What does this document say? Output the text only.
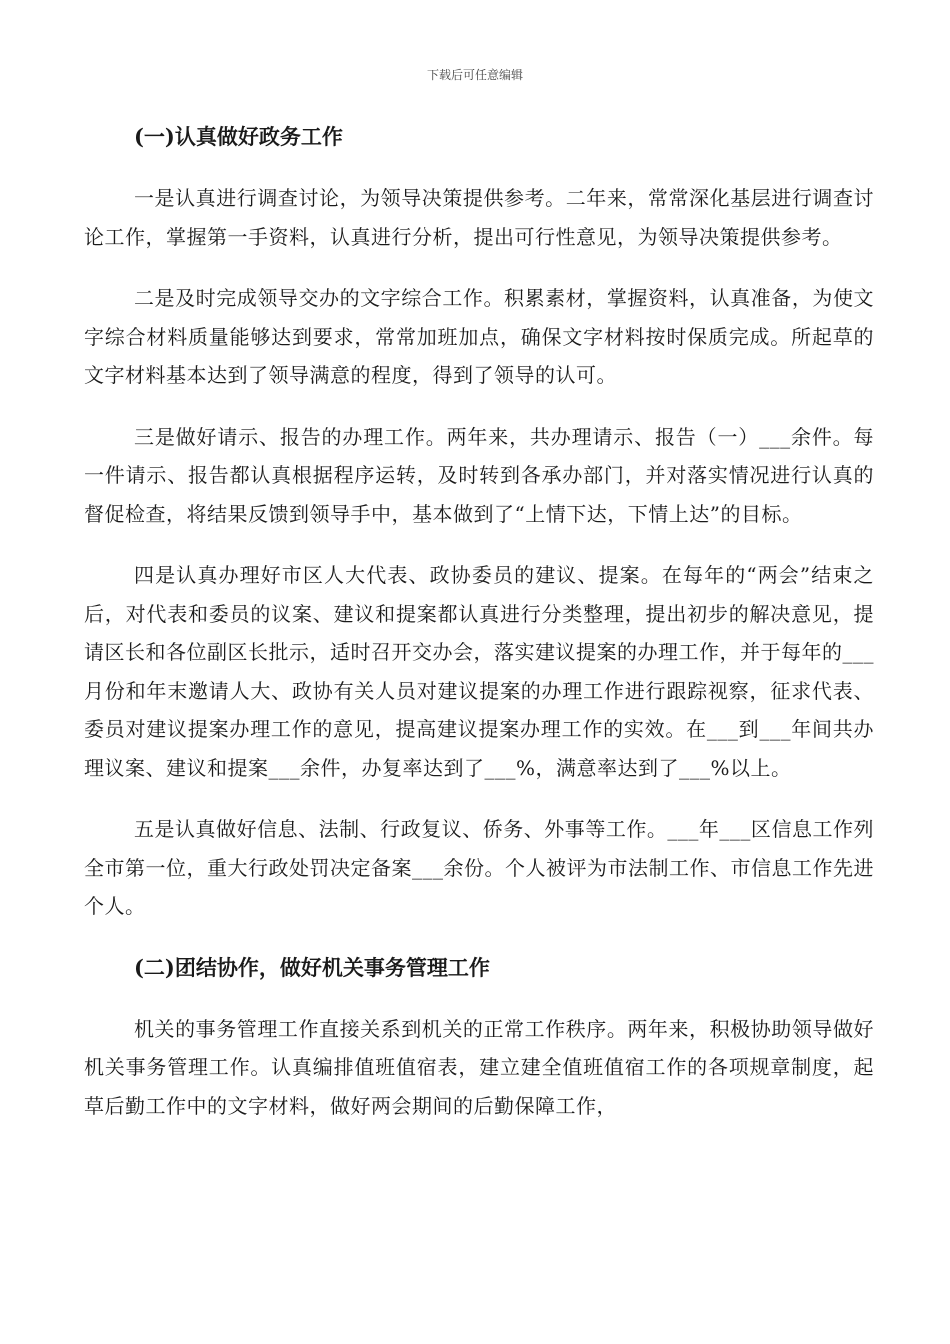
下载后可任意编辑
(一)认真做好政务工作

一是认真进行调查讨论，为领导决策提供参考。二年来，常常深化基层进行调查讨论工作，掌握第一手资料，认真进行分析，提出可行性意见，为领导决策提供参考。

二是及时完成领导交办的文字综合工作。积累素材，掌握资料，认真准备，为使文字综合材料质量能够达到要求，常常加班加点，确保文字材料按时保质完成。所起草的文字材料基本达到了领导满意的程度，得到了领导的认可。

三是做好请示、报告的办理工作。两年来，共办理请示、报告（一）___余件。每一件请示、报告都认真根据程序运转，及时转到各承办部门，并对落实情况进行认真的督促检查，将结果反馈到领导手中，基本做到了“上情下达，下情上达”的目标。

四是认真办理好市区人大代表、政协委员的建议、提案。在每年的“两会”结束之后，对代表和委员的议案、建议和提案都认真进行分类整理，提出初步的解决意见，提请区长和各位副区长批示，适时召开交办会，落实建议提案的办理工作，并于每年的___月份和年末邀请人大、政协有关人员对建议提案的办理工作进行跟踪视察，征求代表、委员对建议提案办理工作的意见，提高建议提案办理工作的实效。在___到___年间共办理议案、建议和提案___余件，办复率达到了___%，满意率达到了___%以上。

五是认真做好信息、法制、行政复议、侨务、外事等工作。___年___区信息工作列全市第一位，重大行政处罚决定备案___余份。个人被评为市法制工作、市信息工作先进个人。

(二)团结协作，做好机关事务管理工作

机关的事务管理工作直接关系到机关的正常工作秩序。两年来，积极协助领导做好机关事务管理工作。认真编排值班值宿表，建立建全值班值宿工作的各项规章制度，起草后勤工作中的文字材料，做好两会期间的后勤保障工作，
